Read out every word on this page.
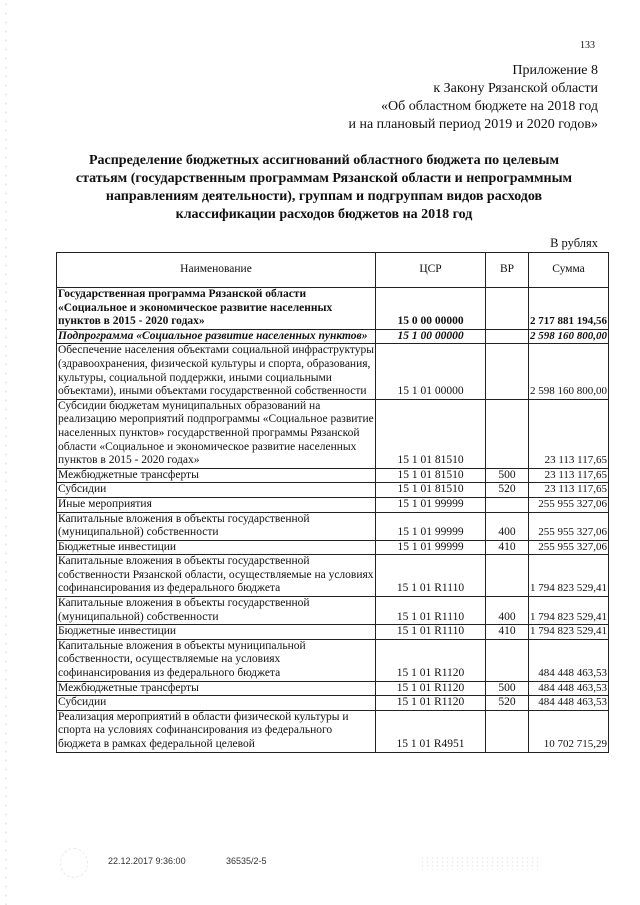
133
Приложение 8
к Закону Рязанской области
«Об областном бюджете на 2018 год
и на плановый период 2019 и 2020 годов»
Распределение бюджетных ассигнований областного бюджета по целевым
статьям (государственным программам Рязанской области и непрограммным
направлениям деятельности), группам и подгруппам видов расходов
классификации расходов бюджетов на 2018 год
В рублях
Наименование	ЦСР	ВР	Сумма
Государственная программа Рязанской области «Социальное и экономическое развитие населенных пунктов в 2015 - 2020 годах»	15 0 00 00000		2 717 881 194,56
Подпрограмма «Социальное развитие населенных пунктов»	15 1 00 00000		2 598 160 800,00
Обеспечение населения объектами социальной инфраструктуры (здравоохранения, физической культуры и спорта, образования, культуры, социальной поддержки, иными социальными объектами), иными объектами государственной собственности	15 1 01 00000		2 598 160 800,00
Субсидии бюджетам муниципальных образований на реализацию мероприятий подпрограммы «Социальное развитие населенных пунктов» государственной программы Рязанской области «Социальное и экономическое развитие населенных пунктов в 2015 - 2020 годах»	15 1 01 81510		23 113 117,65
Межбюджетные трансферты	15 1 01 81510	500	23 113 117,65
Субсидии	15 1 01 81510	520	23 113 117,65
Иные мероприятия	15 1 01 99999		255 955 327,06
Капитальные вложения в объекты государственной (муниципальной) собственности	15 1 01 99999	400	255 955 327,06
Бюджетные инвестиции	15 1 01 99999	410	255 955 327,06
Капитальные вложения в объекты государственной собственности Рязанской области, осуществляемые на условиях софинансирования из федерального бюджета	15 1 01 R1110		1 794 823 529,41
Капитальные вложения в объекты государственной (муниципальной) собственности	15 1 01 R1110	400	1 794 823 529,41
Бюджетные инвестиции	15 1 01 R1110	410	1 794 823 529,41
Капитальные вложения в объекты муниципальной собственности, осуществляемые на условиях софинансирования из федерального бюджета	15 1 01 R1120		484 448 463,53
Межбюджетные трансферты	15 1 01 R1120	500	484 448 463,53
Субсидии	15 1 01 R1120	520	484 448 463,53
Реализация мероприятий в области физической культуры и спорта на условиях софинансирования из федерального бюджета в рамках федеральной целевой	15 1 01 R4951		10 702 715,29
22.12.2017 9:36:00	36535/2-5
